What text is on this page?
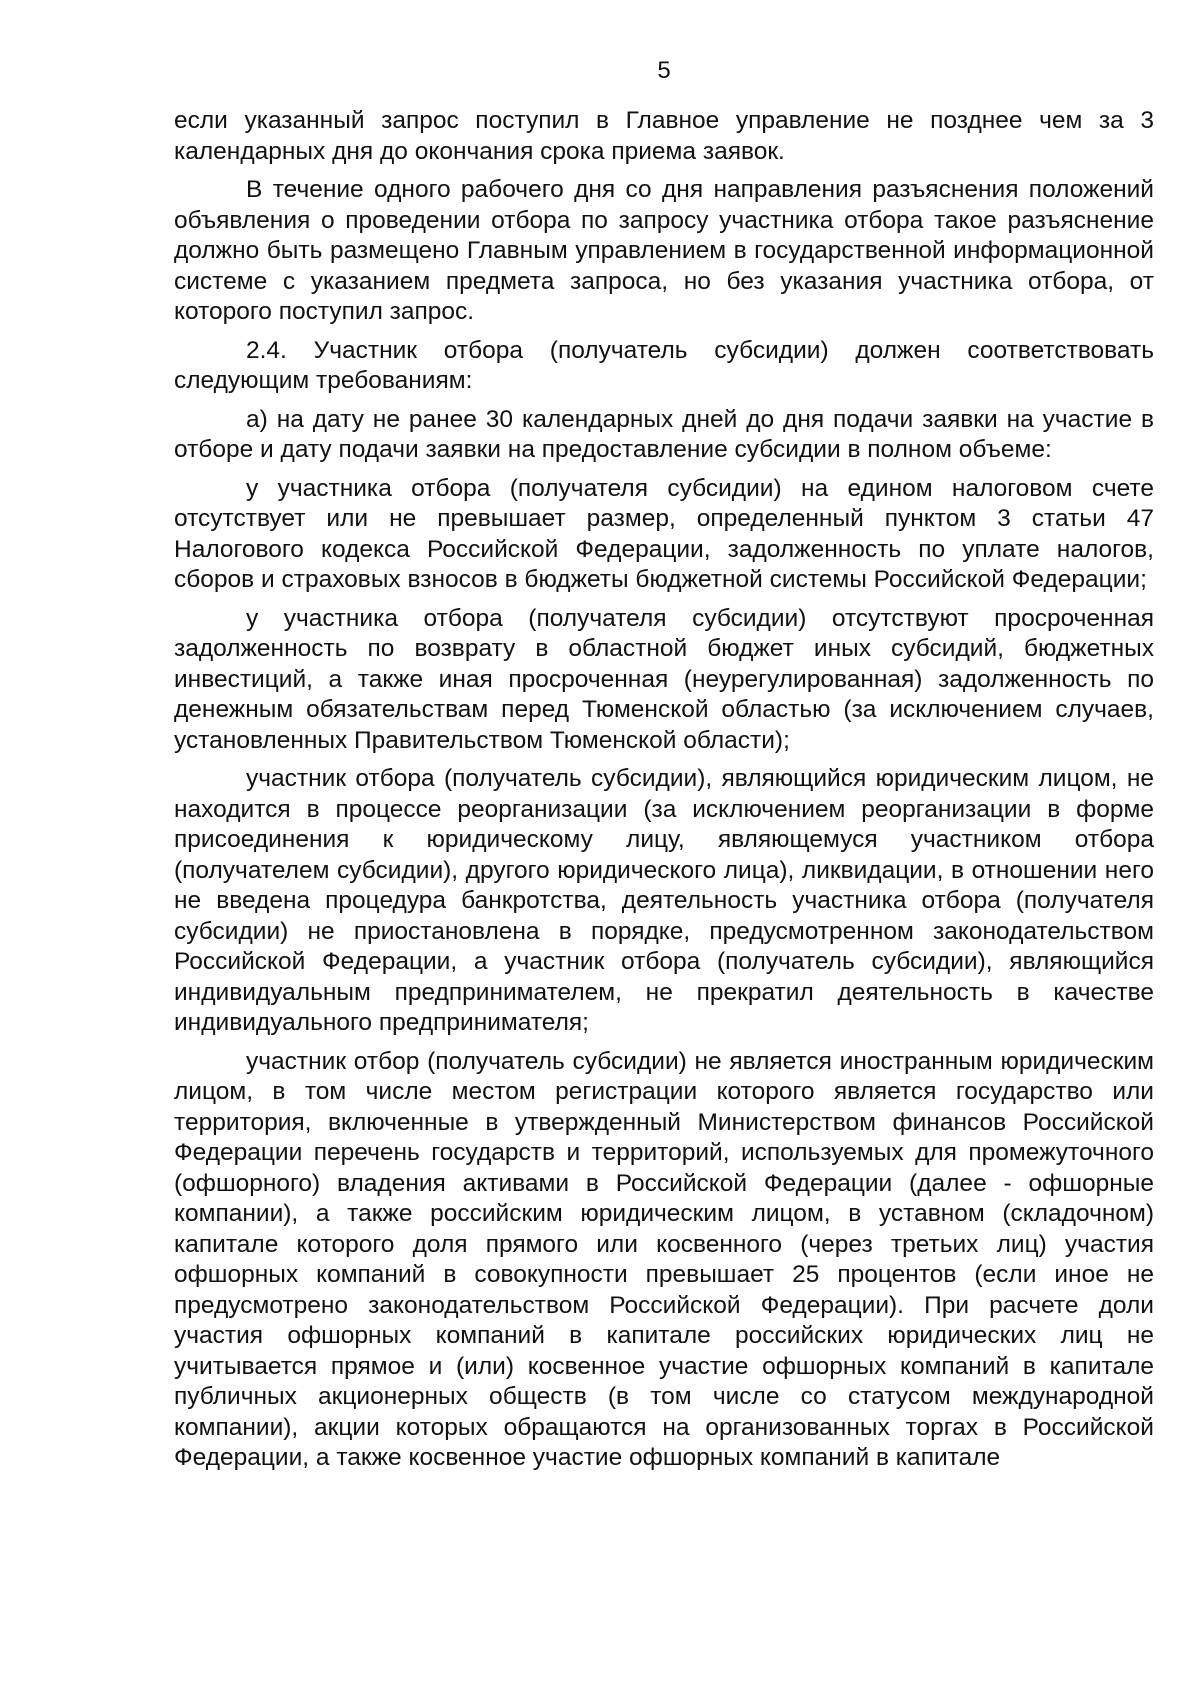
5

если указанный запрос поступил в Главное управление не позднее чем за 3 календарных дня до окончания срока приема заявок.

В течение одного рабочего дня со дня направления разъяснения положений объявления о проведении отбора по запросу участника отбора такое разъяснение должно быть размещено Главным управлением в государственной информационной системе с указанием предмета запроса, но без указания участника отбора, от которого поступил запрос.

2.4. Участник отбора (получатель субсидии) должен соответствовать следующим требованиям:

а) на дату не ранее 30 календарных дней до дня подачи заявки на участие в отборе и дату подачи заявки на предоставление субсидии в полном объеме:

у участника отбора (получателя субсидии) на едином налоговом счете отсутствует или не превышает размер, определенный пунктом 3 статьи 47 Налогового кодекса Российской Федерации, задолженность по уплате налогов, сборов и страховых взносов в бюджеты бюджетной системы Российской Федерации;

у участника отбора (получателя субсидии) отсутствуют просроченная задолженность по возврату в областной бюджет иных субсидий, бюджетных инвестиций, а также иная просроченная (неурегулированная) задолженность по денежным обязательствам перед Тюменской областью (за исключением случаев, установленных Правительством Тюменской области);

участник отбора (получатель субсидии), являющийся юридическим лицом, не находится в процессе реорганизации (за исключением реорганизации в форме присоединения к юридическому лицу, являющемуся участником отбора (получателем субсидии), другого юридического лица), ликвидации, в отношении него не введена процедура банкротства, деятельность участника отбора (получателя субсидии) не приостановлена в порядке, предусмотренном законодательством Российской Федерации, а участник отбора (получатель субсидии), являющийся индивидуальным предпринимателем, не прекратил деятельность в качестве индивидуального предпринимателя;

участник отбор (получатель субсидии) не является иностранным юридическим лицом, в том числе местом регистрации которого является государство или территория, включенные в утвержденный Министерством финансов Российской Федерации перечень государств и территорий, используемых для промежуточного (офшорного) владения активами в Российской Федерации (далее - офшорные компании), а также российским юридическим лицом, в уставном (складочном) капитале которого доля прямого или косвенного (через третьих лиц) участия офшорных компаний в совокупности превышает 25 процентов (если иное не предусмотрено законодательством Российской Федерации). При расчете доли участия офшорных компаний в капитале российских юридических лиц не учитывается прямое и (или) косвенное участие офшорных компаний в капитале публичных акционерных обществ (в том числе со статусом международной компании), акции которых обращаются на организованных торгах в Российской Федерации, а также косвенное участие офшорных компаний в капитале
